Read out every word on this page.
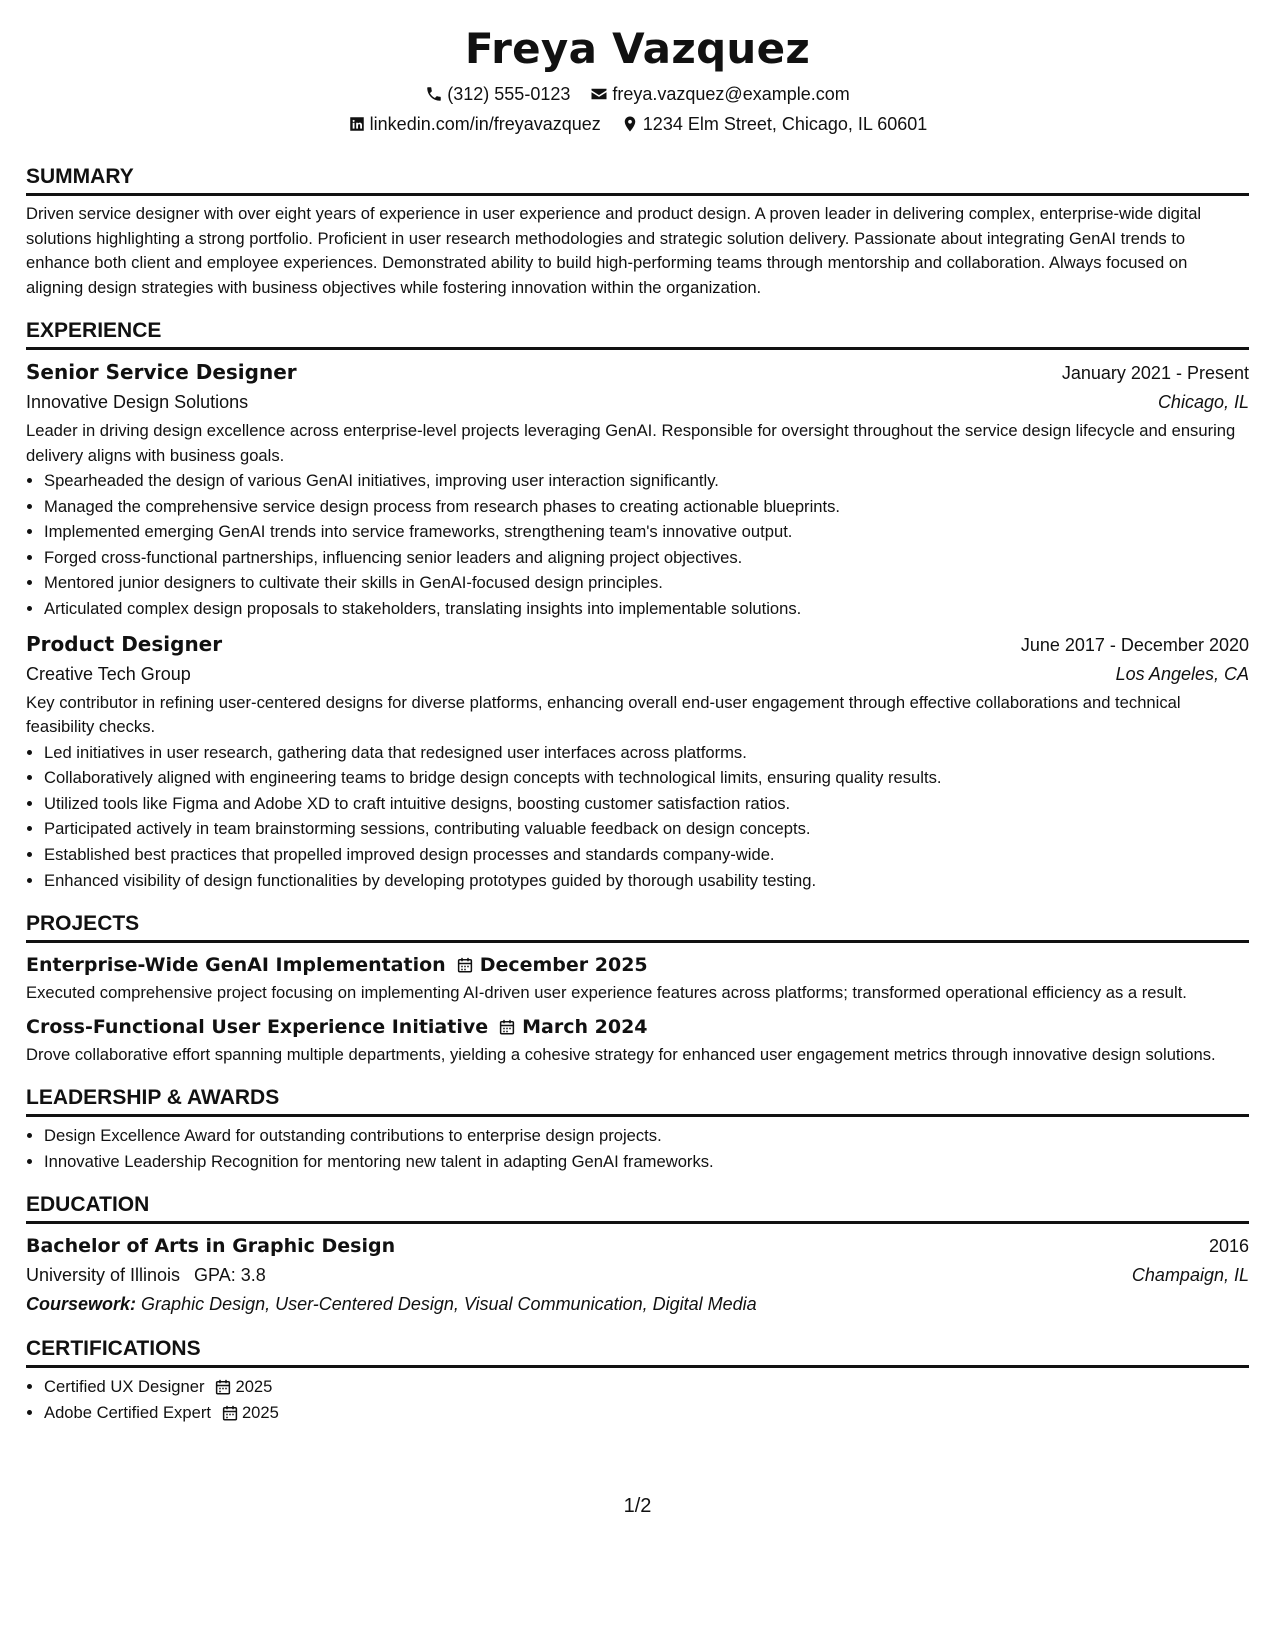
Freya Vazquez
(312) 555-0123 freya.vazquez@example.com
linkedin.com/in/freyavazquez 1234 Elm Street, Chicago, IL 60601
SUMMARY

Driven service designer with over eight years of experience in user experience and product design. A proven leader in delivering complex, enterprise-wide digital solutions highlighting a strong portfolio. Proficient in user research methodologies and strategic solution delivery. Passionate about integrating GenAI trends to enhance both client and employee experiences. Demonstrated ability to build high-performing teams through mentorship and collaboration. Always focused on aligning design strategies with business objectives while fostering innovation within the organization.

EXPERIENCE
Senior Service Designer	January 2021 - Present
Innovative Design Solutions	Chicago, IL

Leader in driving design excellence across enterprise-level projects leveraging GenAI. Responsible for oversight throughout the service design lifecycle and ensuring delivery aligns with business goals.

• Spearheaded the design of various GenAI initiatives, improving user interaction significantly.
• Managed the comprehensive service design process from research phases to creating actionable blueprints.
• Implemented emerging GenAI trends into service frameworks, strengthening team's innovative output.
• Forged cross-functional partnerships, influencing senior leaders and aligning project objectives.
• Mentored junior designers to cultivate their skills in GenAI-focused design principles.
• Articulated complex design proposals to stakeholders, translating insights into implementable solutions.
Product Designer	June 2017 - December 2020
Creative Tech Group	Los Angeles, CA

Key contributor in refining user-centered designs for diverse platforms, enhancing overall end-user engagement through effective collaborations and technical feasibility checks.

• Led initiatives in user research, gathering data that redesigned user interfaces across platforms.
• Collaboratively aligned with engineering teams to bridge design concepts with technological limits, ensuring quality results.
• Utilized tools like Figma and Adobe XD to craft intuitive designs, boosting customer satisfaction ratios.
• Participated actively in team brainstorming sessions, contributing valuable feedback on design concepts.
• Established best practices that propelled improved design processes and standards company-wide.
• Enhanced visibility of design functionalities by developing prototypes guided by thorough usability testing.
PROJECTS
Enterprise-Wide GenAI Implementation December 2025

Executed comprehensive project focusing on implementing AI-driven user experience features across platforms; transformed operational efficiency as a result.

Cross-Functional User Experience Initiative March 2024

Drove collaborative effort spanning multiple departments, yielding a cohesive strategy for enhanced user engagement metrics through innovative design solutions.

LEADERSHIP & AWARDS
• Design Excellence Award for outstanding contributions to enterprise design projects.
• Innovative Leadership Recognition for mentoring new talent in adapting GenAI frameworks.
EDUCATION
Bachelor of Arts in Graphic Design	2016
University of Illinois GPA: 3.8	Champaign, IL
Coursework: Graphic Design, User-Centered Design, Visual Communication, Digital Media
CERTIFICATIONS
• Certified UX Designer 2025
• Adobe Certified Expert 2025
1/2
